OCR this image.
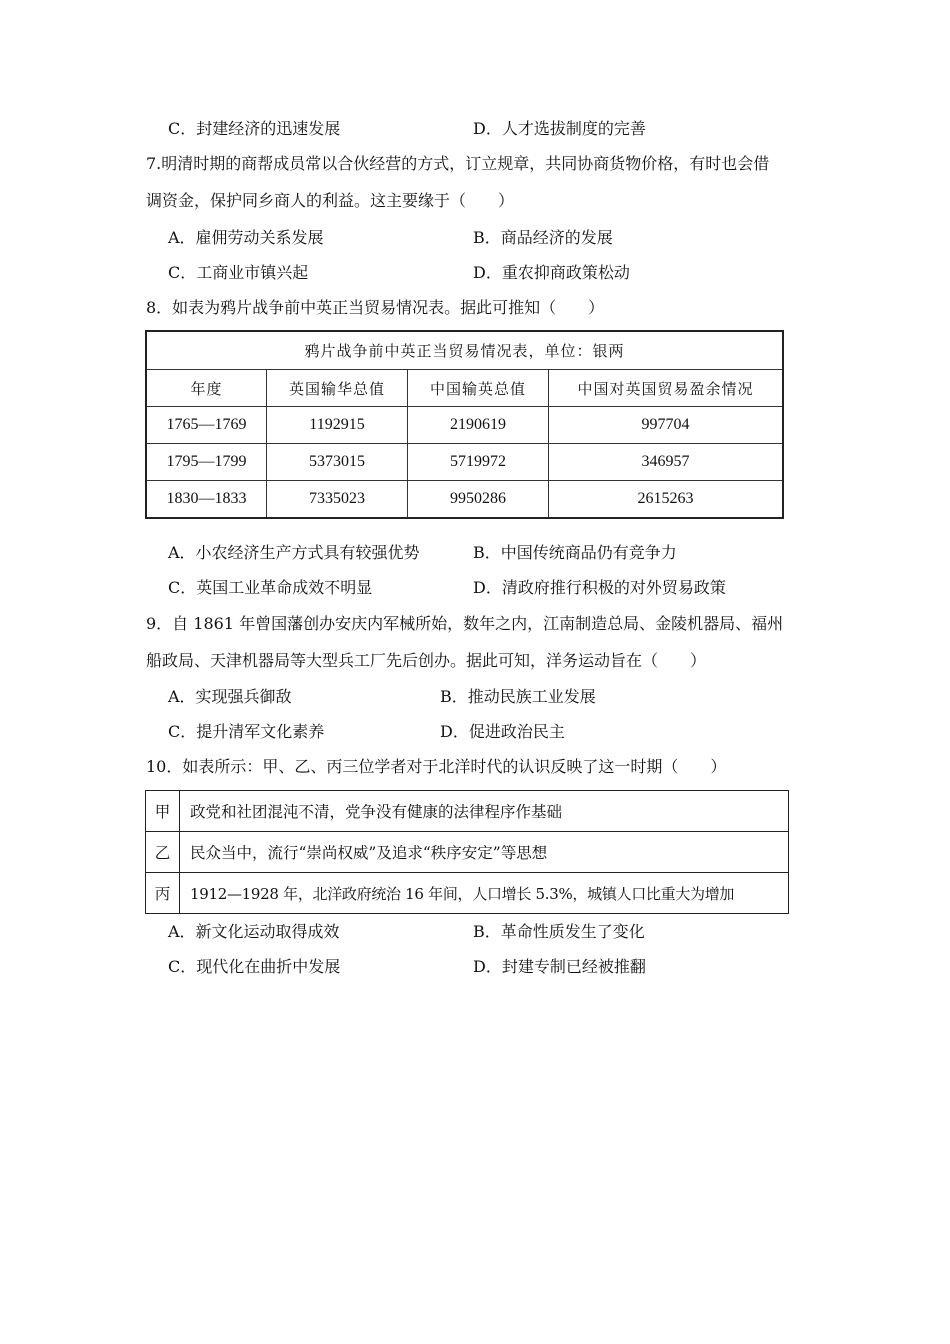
C．封建经济的迅速发展	D．人才选拔制度的完善
7.明清时期的商帮成员常以合伙经营的方式，订立规章，共同协商货物价格，有时也会借
调资金，保护同乡商人的利益。这主要缘于（　　）
A．雇佣劳动关系发展	B．商品经济的发展
C．工商业市镇兴起	D．重农抑商政策松动
8．如表为鸦片战争前中英正当贸易情况表。据此可推知（　　）
鸦片战争前中英正当贸易情况表，单位：银两			
年度	英国输华总值	中国输英总值	中国对英国贸易盈余情况
1765—1769	1192915	2190619	997704
1795—1799	5373015	5719972	346957
1830—1833	7335023	9950286	2615263
A．小农经济生产方式具有较强优势	B．中国传统商品仍有竞争力
C．英国工业革命成效不明显	D．清政府推行积极的对外贸易政策
9．自 1861 年曾国藩创办安庆内军械所始，数年之内，江南制造总局、金陵机器局、福州
船政局、天津机器局等大型兵工厂先后创办。据此可知，洋务运动旨在（　　）
A．实现强兵御敌	B．推动民族工业发展
C．提升清军文化素养	D．促进政治民主
10．如表所示：甲、乙、丙三位学者对于北洋时代的认识反映了这一时期（　　）
甲	政党和社团混沌不清，党争没有健康的法律程序作基础
乙	民众当中，流行“崇尚权威”及追求“秩序安定”等思想
丙	1912—1928 年，北洋政府统治 16 年间，人口增长 5.3%，城镇人口比重大为增加
A．新文化运动取得成效	B．革命性质发生了变化
C．现代化在曲折中发展	D．封建专制已经被推翻
